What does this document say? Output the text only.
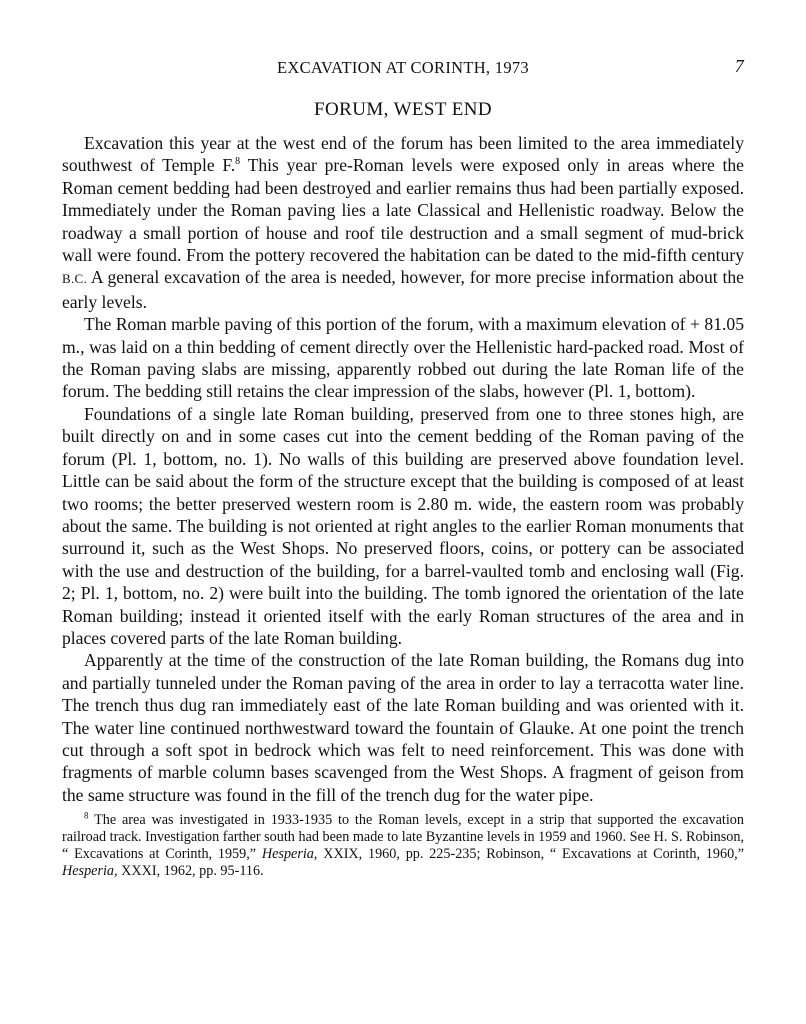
EXCAVATION AT CORINTH, 1973	7
FORUM, WEST END

Excavation this year at the west end of the forum has been limited to the area immediately southwest of Temple F.$^8$ This year pre-Roman levels were exposed only in areas where the Roman cement bedding had been destroyed and earlier remains thus had been partially exposed. Immediately under the Roman paving lies a late Classical and Hellenistic roadway. Below the roadway a small portion of house and roof tile destruction and a small segment of mud-brick wall were found. From the pottery recovered the habitation can be dated to the mid-fifth century B.C. A general excavation of the area is needed, however, for more precise information about the early levels.

The Roman marble paving of this portion of the forum, with a maximum elevation of + 81.05 m., was laid on a thin bedding of cement directly over the Hellenistic hard-packed road. Most of the Roman paving slabs are missing, apparently robbed out during the late Roman life of the forum. The bedding still retains the clear impression of the slabs, however (Pl. 1, bottom).

Foundations of a single late Roman building, preserved from one to three stones high, are built directly on and in some cases cut into the cement bedding of the Roman paving of the forum (Pl. 1, bottom, no. 1). No walls of this building are preserved above foundation level. Little can be said about the form of the structure except that the building is composed of at least two rooms; the better preserved western room is 2.80 m. wide, the eastern room was probably about the same. The building is not oriented at right angles to the earlier Roman monuments that surround it, such as the West Shops. No preserved floors, coins, or pottery can be associated with the use and destruction of the building, for a barrel-vaulted tomb and enclosing wall (Fig. 2; Pl. 1, bottom, no. 2) were built into the building. The tomb ignored the orientation of the late Roman building; instead it oriented itself with the early Roman structures of the area and in places covered parts of the late Roman building.

Apparently at the time of the construction of the late Roman building, the Romans dug into and partially tunneled under the Roman paving of the area in order to lay a terracotta water line. The trench thus dug ran immediately east of the late Roman building and was oriented with it. The water line continued northwestward toward the fountain of Glauke. At one point the trench cut through a soft spot in bedrock which was felt to need reinforcement. This was done with fragments of marble column bases scavenged from the West Shops. A fragment of geison from the same structure was found in the fill of the trench dug for the water pipe.

$^8$ The area was investigated in 1933-1935 to the Roman levels, except in a strip that supported the excavation railroad track. Investigation farther south had been made to late Byzantine levels in 1959 and 1960. See H. S. Robinson, “ Excavations at Corinth, 1959,” Hesperia, XXIX, 1960, pp. 225-235; Robinson, “ Excavations at Corinth, 1960,” Hesperia, XXXI, 1962, pp. 95-116.
